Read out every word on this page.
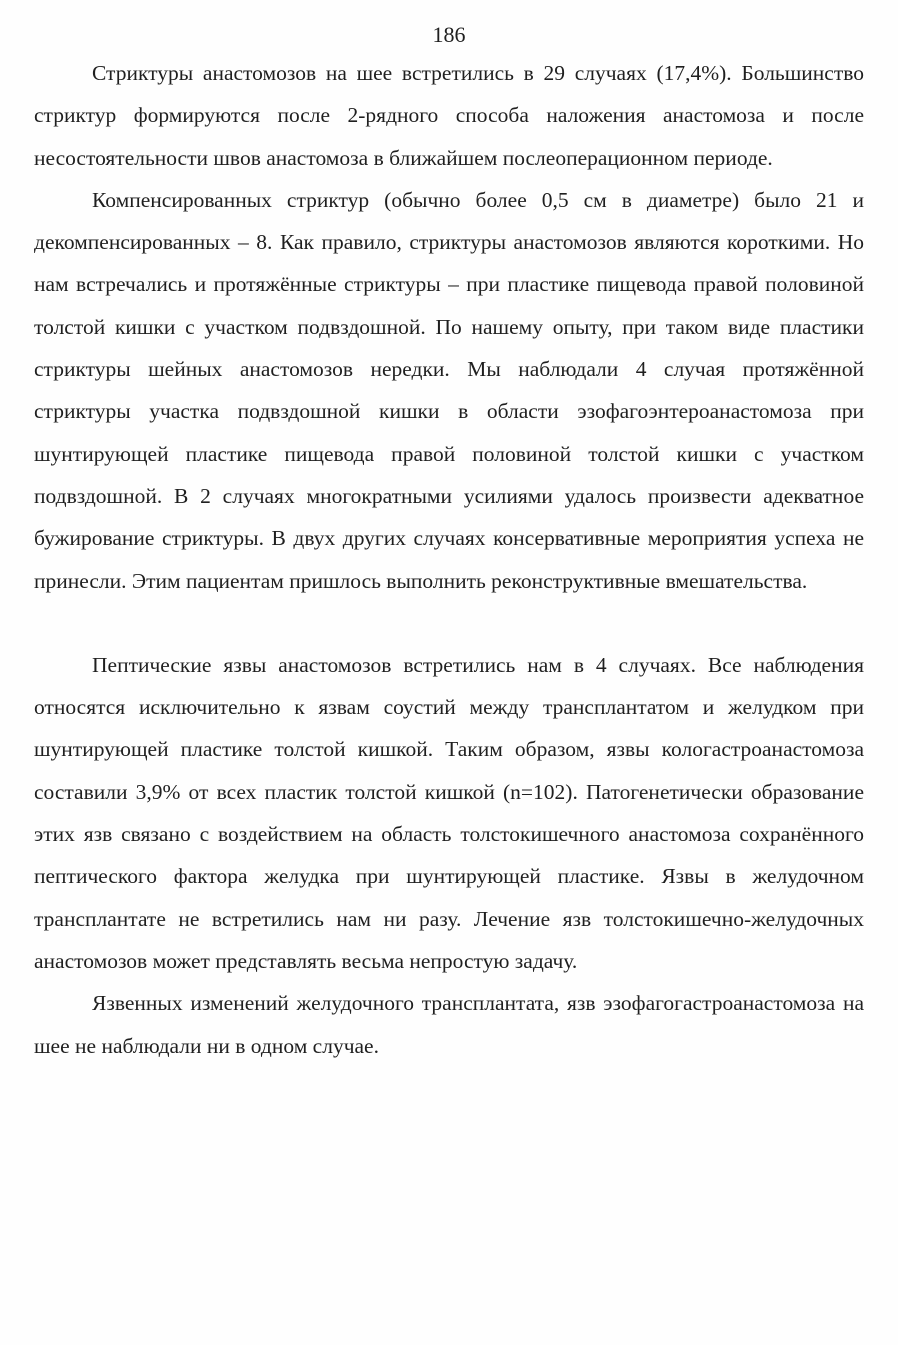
186

Стриктуры анастомозов на шее встретились в 29 случаях (17,4%). Большинство стриктур формируются после 2-рядного способа наложения анастомоза и после несостоятельности швов анастомоза в ближайшем послеоперационном периоде.

Компенсированных стриктур (обычно более 0,5 см в диаметре) было 21 и декомпенсированных – 8. Как правило, стриктуры анастомозов являются короткими. Но нам встречались и протяжённые стриктуры – при пластике пищевода правой половиной толстой кишки с участком подвздошной. По нашему опыту, при таком виде пластики стриктуры шейных анастомозов нередки. Мы наблюдали 4 случая протяжённой стриктуры участка подвздошной кишки в области эзофагоэнтероанастомоза при шунтирующей пластике пищевода правой половиной толстой кишки с участком подвздошной. В 2 случаях многократными усилиями удалось произвести адекватное бужирование стриктуры. В двух других случаях консервативные мероприятия успеха не принесли. Этим пациентам пришлось выполнить реконструктивные вмешательства.

Пептические язвы анастомозов встретились нам в 4 случаях. Все наблюдения относятся исключительно к язвам соустий между трансплантатом и желудком при шунтирующей пластике толстой кишкой. Таким образом, язвы кологастроанастомоза составили 3,9% от всех пластик толстой кишкой (n=102). Патогенетически образование этих язв связано с воздействием на область толстокишечного анастомоза сохранённого пептического фактора желудка при шунтирующей пластике. Язвы в желудочном трансплантате не встретились нам ни разу. Лечение язв толстокишечно-желудочных анастомозов может представлять весьма непростую задачу.

Язвенных изменений желудочного трансплантата, язв эзофагогастроанастомоза на шее не наблюдали ни в одном случае.
